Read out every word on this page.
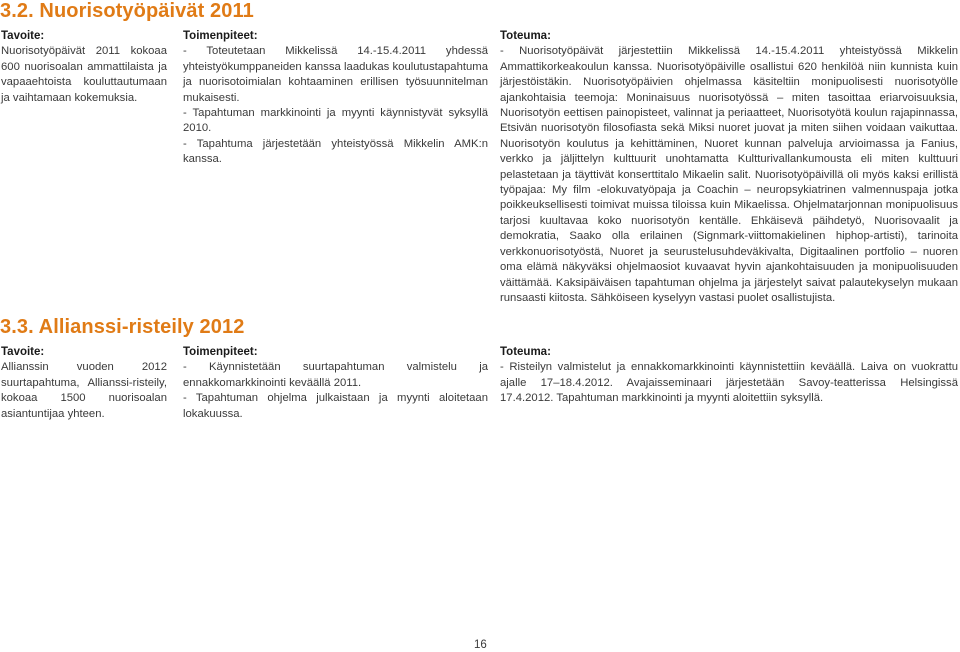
3.2. Nuorisotyöpäivät 2011
Tavoite:
Nuorisotyöpäivät 2011 kokoaa 600 nuorisoalan ammattilaista ja vapaaehtoista kouluttautumaan ja vaihtamaan kokemuksia.
Toimenpiteet:
- Toteutetaan Mikkelissä 14.-15.4.2011 yhdessä yhteistyökumppaneiden kanssa laadukas koulutustapahtuma ja nuorisotoimialan kohtaaminen erillisen työsuunnitelman mukaisesti.
- Tapahtuman markkinointi ja myynti käynnistyvät syksyllä 2010.
- Tapahtuma järjestetään yhteistyössä Mikkelin AMK:n kanssa.
Toteuma:
- Nuorisotyöpäivät järjestettiin Mikkelissä 14.-15.4.2011 yhteistyössä Mikkelin Ammattikorkeakoulun kanssa. Nuorisotyöpäiville osallistui 620 henkilöä niin kunnista kuin järjestöistäkin. Nuorisotyöpäivien ohjelmassa käsiteltiin monipuolisesti nuorisotyölle ajankohtaisia teemoja: Moninaisuus nuorisotyössä – miten tasoittaa eriarvoisuuksia, Nuorisotyön eettisen painopisteet, valinnat ja periaatteet, Nuorisotyötä koulun rajapinnassa, Etsivän nuorisotyön filosofiasta sekä Miksi nuoret juovat ja miten siihen voidaan vaikuttaa. Nuorisotyön koulutus ja kehittäminen, Nuoret kunnan palveluja arvioimassa ja Fanius, verkko ja jäljittelyn kulttuurit unohtamatta Kultturivallankumousta eli miten kulttuuri pelastetaan ja täyttivät konserttitalo Mikaelin salit. Nuorisotyöpäivillä oli myös kaksi erillistä työpajaa: My film -elokuvatyöpaja ja Coachin – neuropsykiatrinen valmennuspaja jotka poikkeuksellisesti toimivat muissa tiloissa kuin Mikaelissa. Ohjelmatarjonnan monipuolisuus tarjosi kuultavaa koko nuorisotyön kentälle. Ehkäisevä päihdetyö, Nuorisovaalit ja demokratia, Saako olla erilainen (Signmark-viittomakielinen hiphop-artisti), tarinoita verkkonuorisotyöstä, Nuoret ja seurustelusuhdeväkivalta, Digitaalinen portfolio – nuoren oma elämä näkyväksi ohjelmaosiot kuvaavat hyvin ajankohtaisuuden ja monipuolisuuden väittämää. Kaksipäiväisen tapahtuman ohjelma ja järjestelyt saivat palautekyselyn mukaan runsaasti kiitosta. Sähköiseen kyselyyn vastasi puolet osallistujista.
3.3. Allianssi-risteily 2012
Tavoite:
Allianssin vuoden 2012 suurtapahtuma, Allianssi-risteily, kokoaa 1500 nuorisoalan asiantuntijaa yhteen.
Toimenpiteet:
- Käynnistetään suurtapahtuman valmistelu ja ennakkomarkkinointi keväällä 2011.
- Tapahtuman ohjelma julkaistaan ja myynti aloitetaan lokakuussa.
Toteuma:
- Risteilyn valmistelut ja ennakkomarkkinointi käynnistettiin keväällä. Laiva on vuokrattu ajalle 17–18.4.2012. Avajaisseminaari järjestetään Savoy-teatterissa Helsingissä 17.4.2012. Tapahtuman markkinointi ja myynti aloitettiin syksyllä.
16
